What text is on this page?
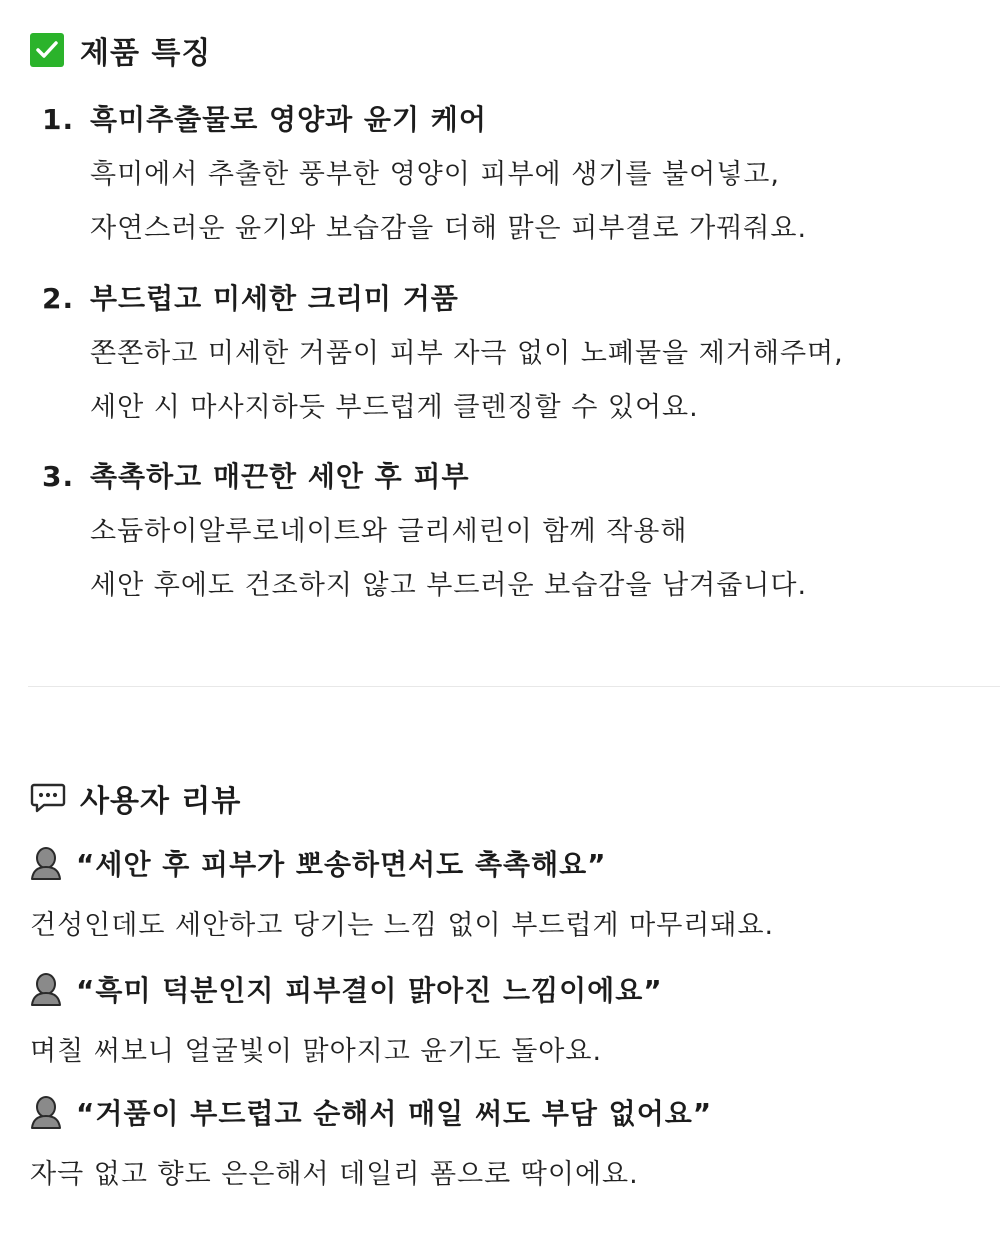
제품 특징
1. 흑미추출물로 영양과 윤기 케어
흑미에서 추출한 풍부한 영양이 피부에 생기를 불어넣고,
자연스러운 윤기와 보습감을 더해 맑은 피부결로 가꿔줘요.
2. 부드럽고 미세한 크리미 거품
쫀쫀하고 미세한 거품이 피부 자극 없이 노폐물을 제거해주며,
세안 시 마사지하듯 부드럽게 클렌징할 수 있어요.
3. 촉촉하고 매끈한 세안 후 피부
소듐하이알루로네이트와 글리세린이 함께 작용해
세안 후에도 건조하지 않고 부드러운 보습감을 남겨줍니다.
사용자 리뷰
“세안 후 피부가 뽀송하면서도 촉촉해요”
건성인데도 세안하고 당기는 느낌 없이 부드럽게 마무리돼요.
“흑미 덕분인지 피부결이 맑아진 느낌이에요”
며칠 써보니 얼굴빛이 맑아지고 윤기도 돌아요.
“거품이 부드럽고 순해서 매일 써도 부담 없어요”
자극 없고 향도 은은해서 데일리 폼으로 딱이에요.
